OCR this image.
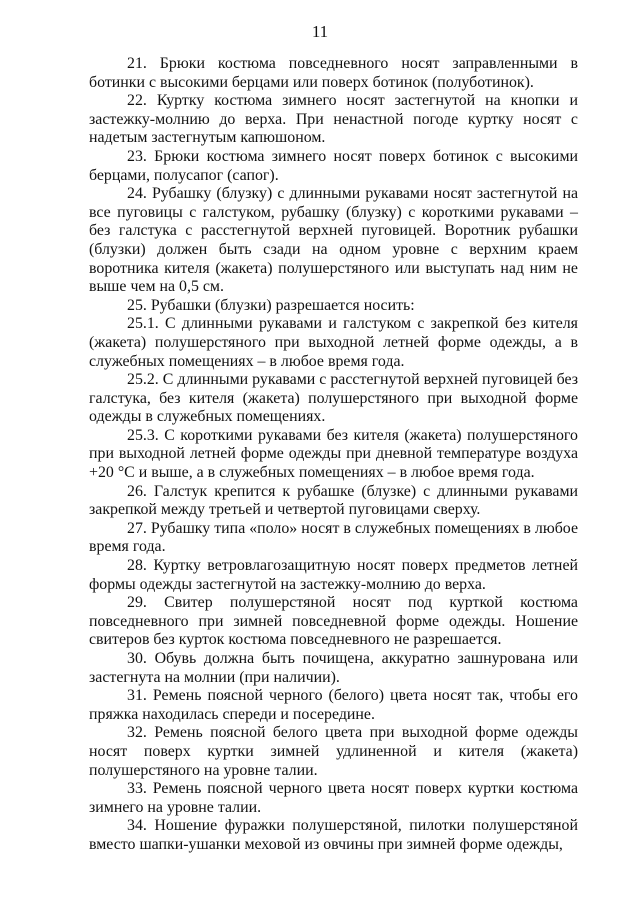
11

21. Брюки костюма повседневного носят заправленными в ботинки с высокими берцами или поверх ботинок (полуботинок).

22. Куртку костюма зимнего носят застегнутой на кнопки и застежку-молнию до верха. При ненастной погоде куртку носят с надетым застегнутым капюшоном.

23. Брюки костюма зимнего носят поверх ботинок с высокими берцами, полусапог (сапог).

24. Рубашку (блузку) с длинными рукавами носят застегнутой на все пуговицы с галстуком, рубашку (блузку) с короткими рукавами – без галстука с расстегнутой верхней пуговицей. Воротник рубашки (блузки) должен быть сзади на одном уровне с верхним краем воротника кителя (жакета) полушерстяного или выступать над ним не выше чем на 0,5 см.

25. Рубашки (блузки) разрешается носить:

25.1. С длинными рукавами и галстуком с закрепкой без кителя (жакета) полушерстяного при выходной летней форме одежды, а в служебных помещениях – в любое время года.

25.2. С длинными рукавами с расстегнутой верхней пуговицей без галстука, без кителя (жакета) полушерстяного при выходной форме одежды в служебных помещениях.

25.3. С короткими рукавами без кителя (жакета) полушерстяного при выходной летней форме одежды при дневной температуре воздуха +20 °С и выше, а в служебных помещениях – в любое время года.

26. Галстук крепится к рубашке (блузке) с длинными рукавами закрепкой между третьей и четвертой пуговицами сверху.

27. Рубашку типа «поло» носят в служебных помещениях в любое время года.

28. Куртку ветровлагозащитную носят поверх предметов летней формы одежды застегнутой на застежку-молнию до верха.

29. Свитер полушерстяной носят под курткой костюма повседневного при зимней повседневной форме одежды. Ношение свитеров без курток костюма повседневного не разрешается.

30. Обувь должна быть почищена, аккуратно зашнурована или застегнута на молнии (при наличии).

31. Ремень поясной черного (белого) цвета носят так, чтобы его пряжка находилась спереди и посередине.

32. Ремень поясной белого цвета при выходной форме одежды носят поверх куртки зимней удлиненной и кителя (жакета) полушерстяного на уровне талии.

33. Ремень поясной черного цвета носят поверх куртки костюма зимнего на уровне талии.

34. Ношение фуражки полушерстяной, пилотки полушерстяной вместо шапки-ушанки меховой из овчины при зимней форме одежды,
